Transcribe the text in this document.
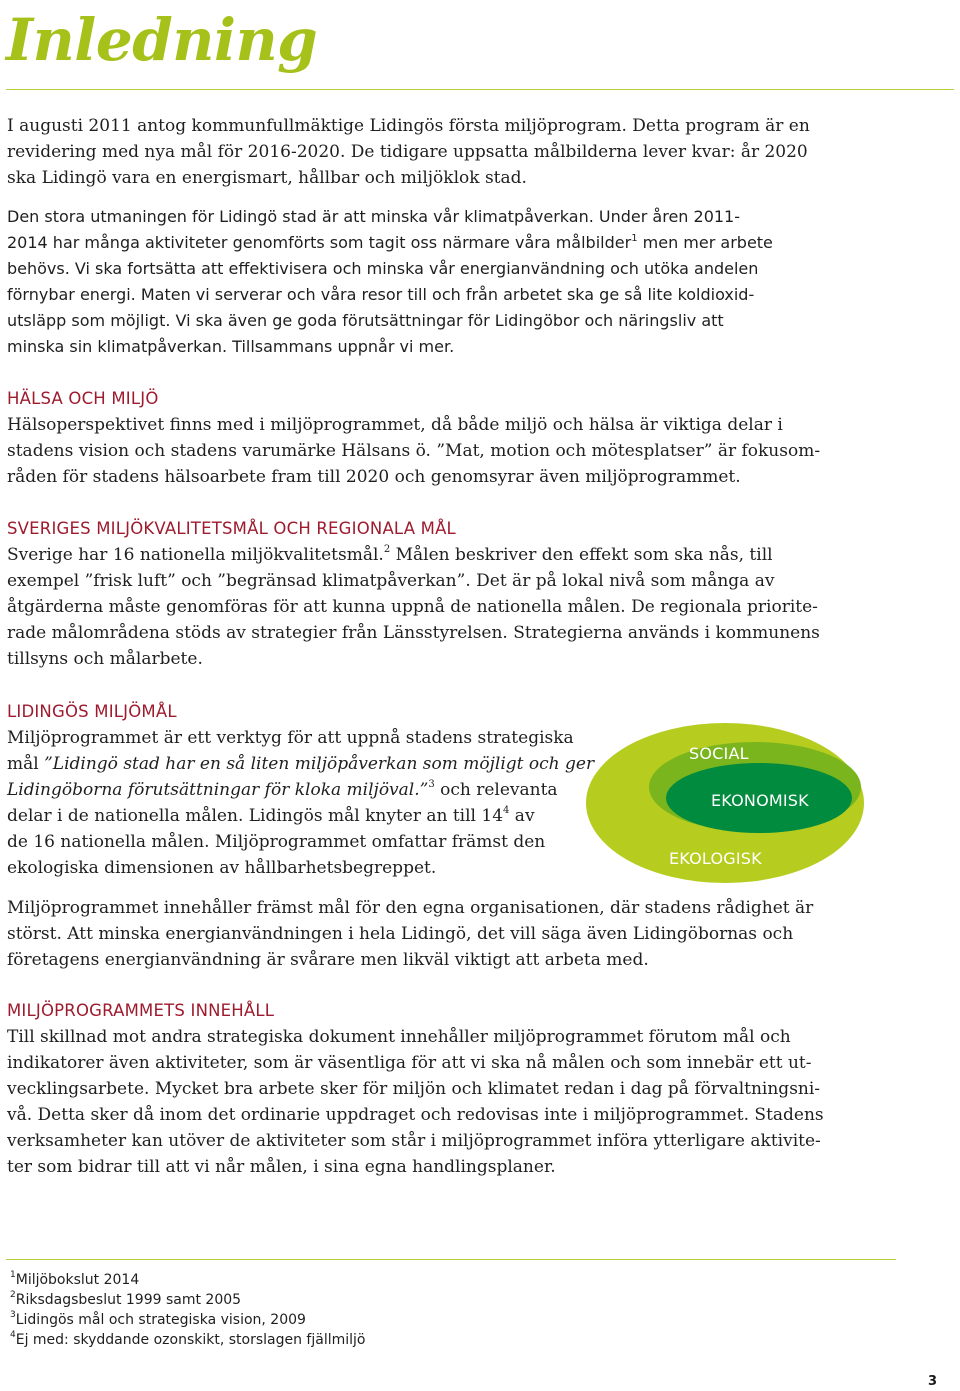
Inledning

I augusti 2011 antog kommunfullmäktige Lidingös första miljöprogram. Detta program är en
revidering med nya mål för 2016-2020. De tidigare uppsatta målbilderna lever kvar: år 2020
ska Lidingö vara en energismart, hållbar och miljöklok stad.

Den stora utmaningen för Lidingö stad är att minska vår klimatpåverkan. Under åren 2011-
2014 har många aktiviteter genomförts som tagit oss närmare våra målbilder$^1$ men mer arbete
behövs. Vi ska fortsätta att effektivisera och minska vår energianvändning och utöka andelen
förnybar energi. Maten vi serverar och våra resor till och från arbetet ska ge så lite koldioxid-
utsläpp som möjligt. Vi ska även ge goda förutsättningar för Lidingöbor och näringsliv att
minska sin klimatpåverkan. Tillsammans uppnår vi mer.

HÄLSA OCH MILJÖ

Hälsoperspektivet finns med i miljöprogrammet, då både miljö och hälsa är viktiga delar i
stadens vision och stadens varumärke Hälsans ö. ”Mat, motion och mötesplatser” är fokusom-
råden för stadens hälsoarbete fram till 2020 och genomsyrar även miljöprogrammet.

SVERIGES MILJÖKVALITETSMÅL OCH REGIONALA MÅL

Sverige har 16 nationella miljökvalitetsmål.$^2$ Målen beskriver den effekt som ska nås, till
exempel ”frisk luft” och ”begränsad klimatpåverkan”. Det är på lokal nivå som många av
åtgärderna måste genomföras för att kunna uppnå de nationella målen. De regionala priorite-
rade målområdena stöds av strategier från Länsstyrelsen. Strategierna används i kommunens
tillsyns och målarbete.

LIDINGÖS MILJÖMÅL

Miljöprogrammet är ett verktyg för att uppnå stadens strategiska
mål ”Lidingö stad har en så liten miljöpåverkan som möjligt och ger
Lidingöborna förutsättningar för kloka miljöval.”$^3$ och relevanta
delar i de nationella målen. Lidingös mål knyter an till $14^4$ av
de 16 nationella målen. Miljöprogrammet omfattar främst den
ekologiska dimensionen av hållbarhetsbegreppet.

SOCIAL
EKONOMISK
EKOLOGISK

Miljöprogrammet innehåller främst mål för den egna organisationen, där stadens rådighet är
störst. Att minska energianvändningen i hela Lidingö, det vill säga även Lidingöbornas och
företagens energianvändning är svårare men likväl viktigt att arbeta med.

MILJÖPROGRAMMETS INNEHÅLL

Till skillnad mot andra strategiska dokument innehåller miljöprogrammet förutom mål och
indikatorer även aktiviteter, som är väsentliga för att vi ska nå målen och som innebär ett ut-
vecklingsarbete. Mycket bra arbete sker för miljön och klimatet redan i dag på förvaltningsni-
vå. Detta sker då inom det ordinarie uppdraget och redovisas inte i miljöprogrammet. Stadens
verksamheter kan utöver de aktiviteter som står i miljöprogrammet införa ytterligare aktivite-
ter som bidrar till att vi når målen, i sina egna handlingsplaner.

$^1$Miljöbokslut 2014
$^2$Riksdagsbeslut 1999 samt 2005
$^3$Lidingös mål och strategiska vision, 2009
$^4$Ej med: skyddande ozonskikt, storslagen fjällmiljö
3
